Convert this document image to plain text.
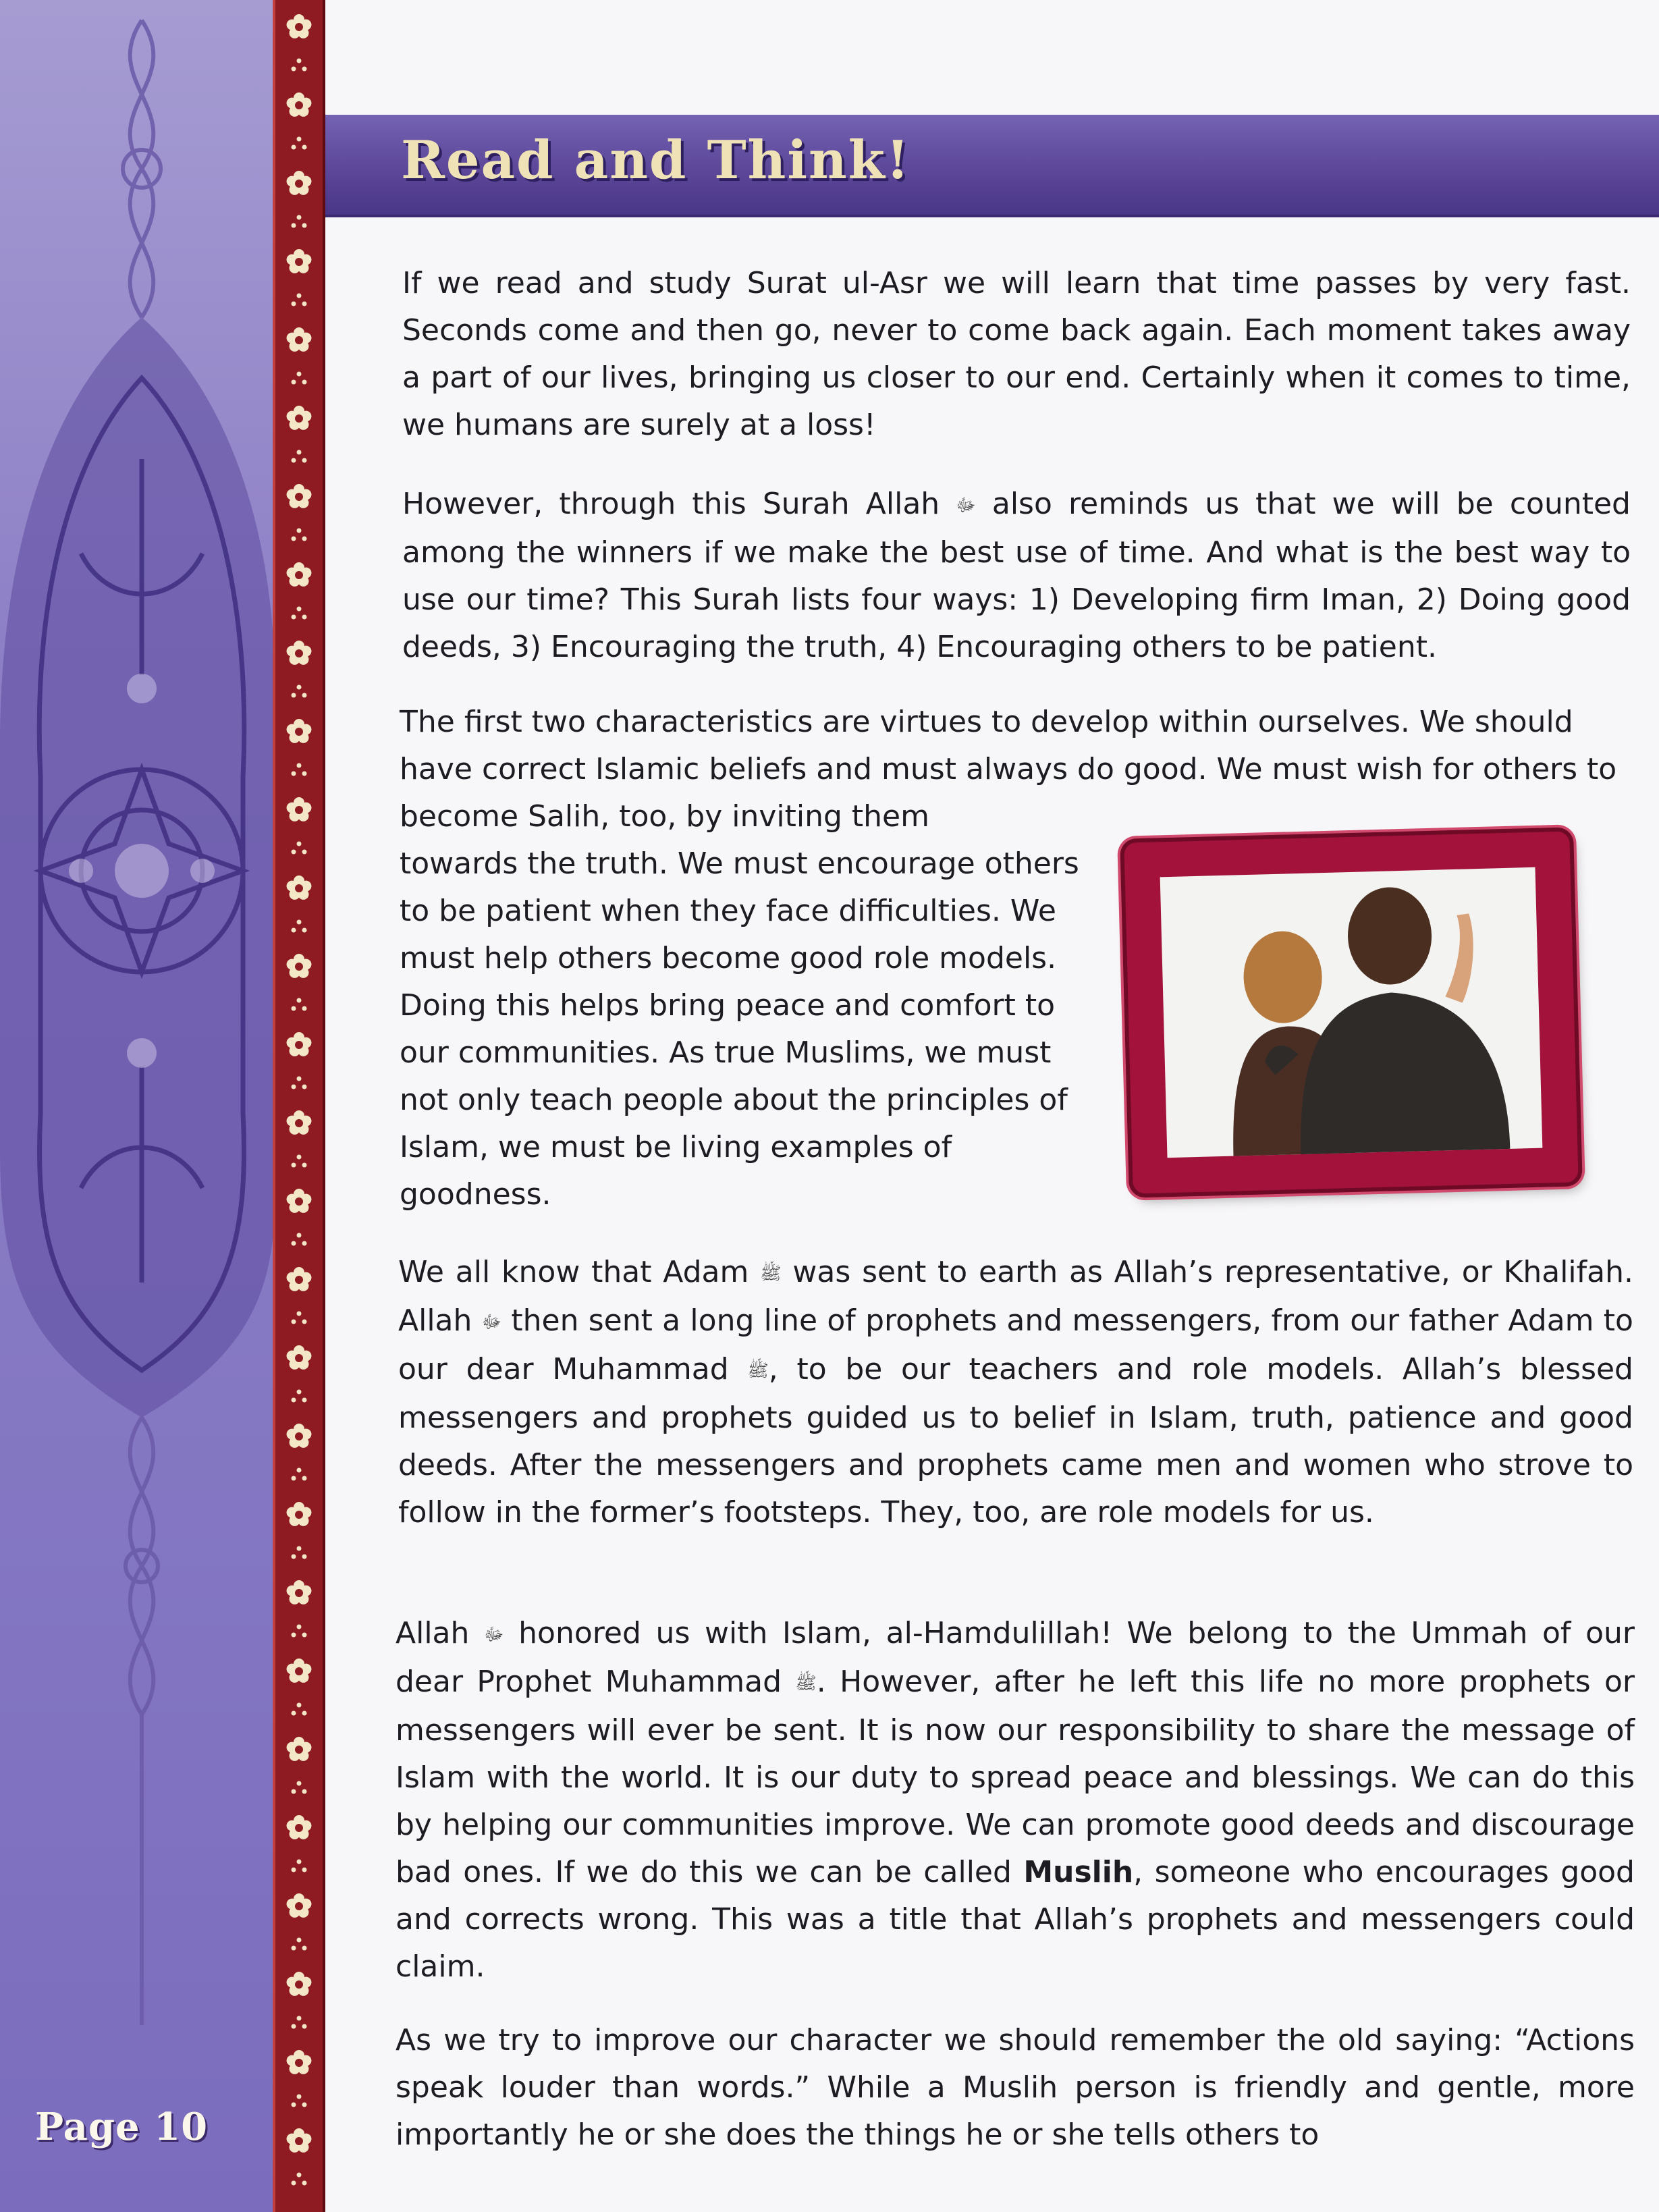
Page 10
Read and Think!

If we read and study Surat ul-Asr we will learn that time passes by very fast. Seconds come and then go, never to come back again. Each moment takes away a part of our lives, bringing us closer to our end. Certainly when it comes to time, we humans are surely at a loss!

However, through this Surah Allah ﷻ also reminds us that we will be counted among the winners if we make the best use of time. And what is the best way to use our time? This Surah lists four ways: 1) Developing firm Iman, 2) Doing good deeds, 3) Encouraging the truth, 4) Encouraging others to be patient.

The first two characteristics are virtues to develop within ourselves. We should have correct Islamic beliefs and must always do good. We must wish for others to become Salih, too, by inviting them

towards the truth. We must encourage others to be patient when they face difficulties. We must help others become good role models. Doing this helps bring peace and comfort to our communities. As true Muslims, we must not only teach people about the principles of Islam, we must be living examples of goodness.

We all know that Adam ﷺ was sent to earth as Allah’s representative, or Khalifah. Allah ﷻ then sent a long line of prophets and messengers, from our father Adam to our dear Muhammad ﷺ, to be our teachers and role models. Allah’s blessed messengers and prophets guided us to belief in Islam, truth, patience and good deeds. After the messengers and prophets came men and women who strove to follow in the former’s footsteps. They, too, are role models for us.

Allah ﷻ honored us with Islam, al-Hamdulillah! We belong to the Ummah of our dear Prophet Muhammad ﷺ. However, after he left this life no more prophets or messengers will ever be sent. It is now our responsibility to share the message of Islam with the world. It is our duty to spread peace and blessings. We can do this by helping our communities improve. We can promote good deeds and discourage bad ones. If we do this we can be called Muslih, someone who encourages good and corrects wrong. This was a title that Allah’s prophets and messengers could claim.

As we try to improve our character we should remember the old saying: “Actions speak louder than words.” While a Muslih person is friendly and gentle, more importantly he or she does the things he or she tells others to
